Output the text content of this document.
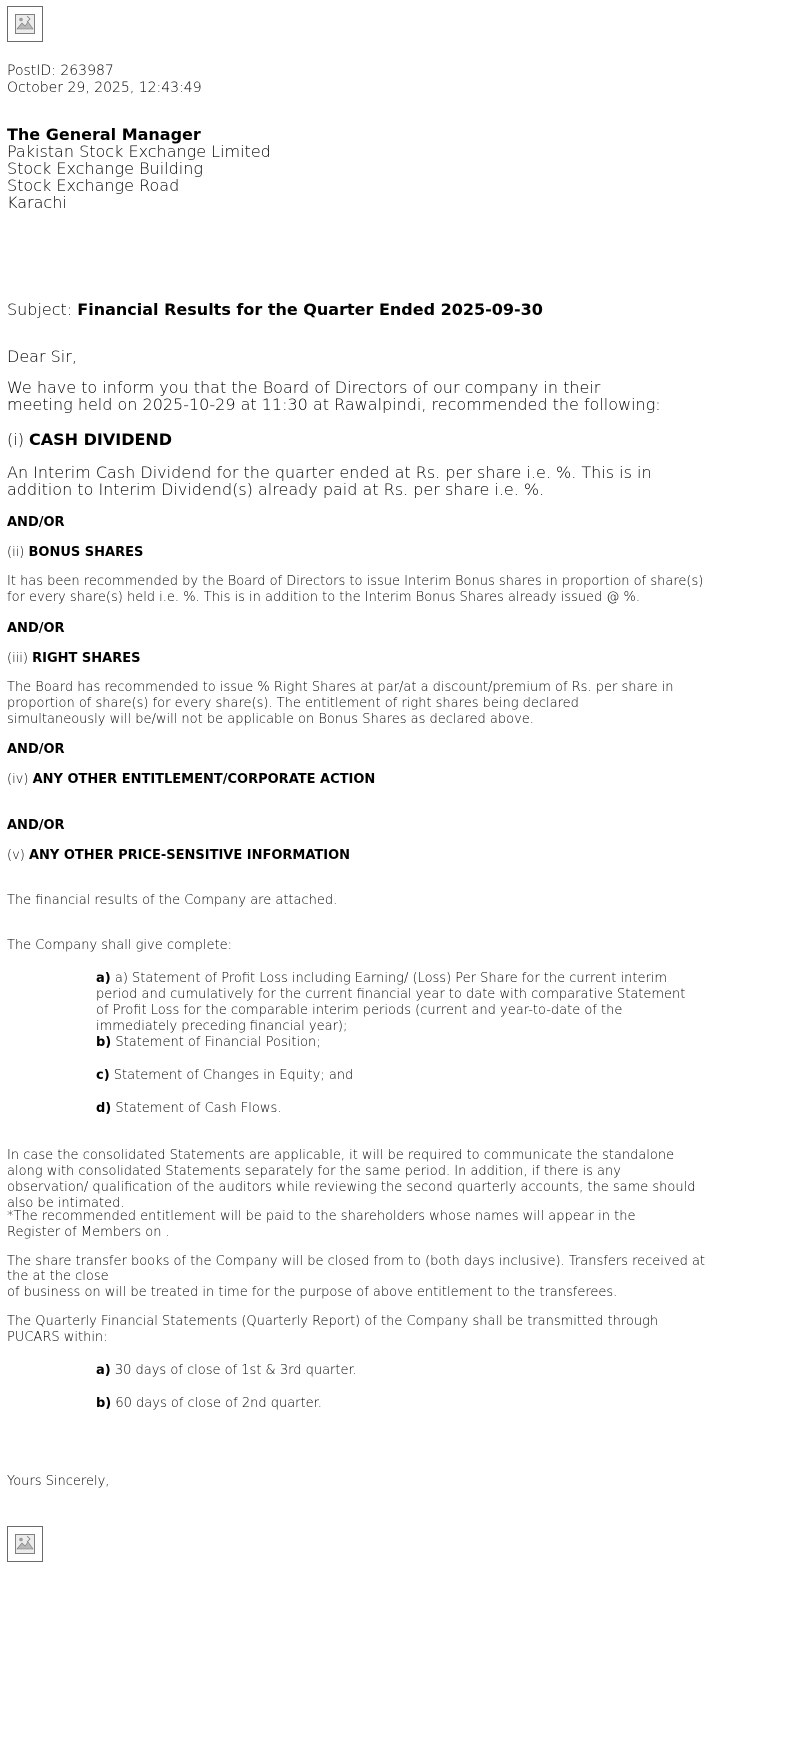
PostID: 263987
October 29, 2025, 12:43:49
The General Manager
Pakistan Stock Exchange Limited
Stock Exchange Building
Stock Exchange Road
Karachi
Subject: Financial Results for the Quarter Ended 2025-09-30
Dear Sir,
We have to inform you that the Board of Directors of our company in their meeting held on 2025-10-29 at 11:30 at Rawalpindi, recommended the following:
(i) CASH DIVIDEND
An Interim Cash Dividend for the quarter ended at Rs. per share i.e. %. This is in addition to Interim Dividend(s) already paid at Rs. per share i.e. %.
AND/OR
(ii) BONUS SHARES
It has been recommended by the Board of Directors to issue Interim Bonus shares in proportion of share(s) for every share(s) held i.e. %. This is in addition to the Interim Bonus Shares already issued @ %.
AND/OR
(iii) RIGHT SHARES
The Board has recommended to issue % Right Shares at par/at a discount/premium of Rs. per share in proportion of share(s) for every share(s). The entitlement of right shares being declared simultaneously will be/will not be applicable on Bonus Shares as declared above.
AND/OR
(iv) ANY OTHER ENTITLEMENT/CORPORATE ACTION
AND/OR
(v) ANY OTHER PRICE-SENSITIVE INFORMATION
The financial results of the Company are attached.
The Company shall give complete:
a) a) Statement of Profit Loss including Earning/ (Loss) Per Share for the current interim period and cumulatively for the current financial year to date with comparative Statement of Profit Loss for the comparable interim periods (current and year-to-date of the immediately preceding financial year);
b) Statement of Financial Position;
c) Statement of Changes in Equity; and
d) Statement of Cash Flows.
In case the consolidated Statements are applicable, it will be required to communicate the standalone along with consolidated Statements separately for the same period. In addition, if there is any observation/ qualification of the auditors while reviewing the second quarterly accounts, the same should also be intimated.
*The recommended entitlement will be paid to the shareholders whose names will appear in the Register of Members on .
The share transfer books of the Company will be closed from to (both days inclusive). Transfers received at the at the close
of business on will be treated in time for the purpose of above entitlement to the transferees.
The Quarterly Financial Statements (Quarterly Report) of the Company shall be transmitted through PUCARS within:
a) 30 days of close of 1st & 3rd quarter.
b) 60 days of close of 2nd quarter.
Yours Sincerely,
